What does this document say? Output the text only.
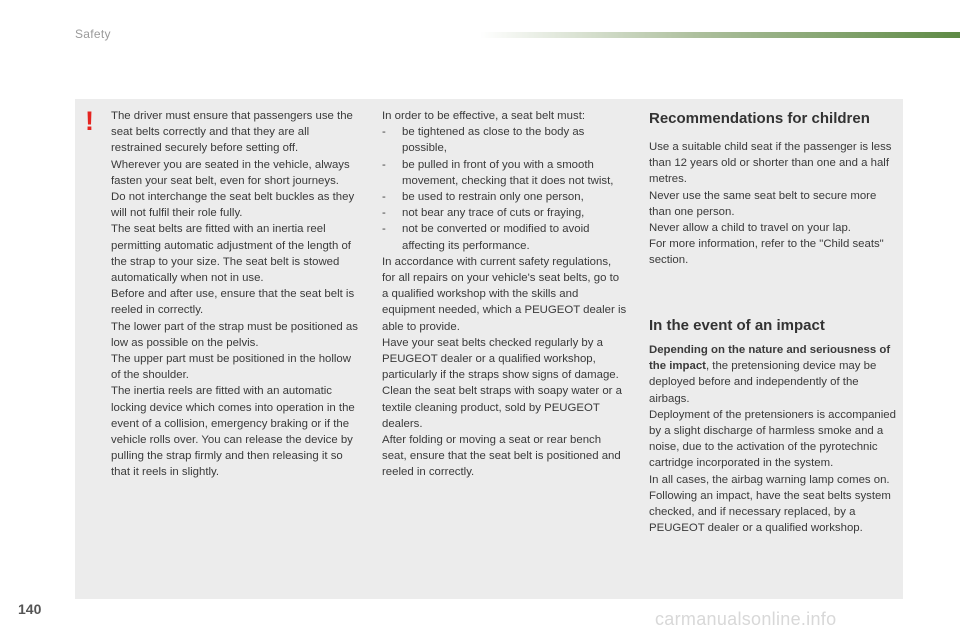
Safety
! The driver must ensure that passengers use the seat belts correctly and that they are all restrained securely before setting off.

Wherever you are seated in the vehicle, always fasten your seat belt, even for short journeys.

Do not interchange the seat belt buckles as they will not fulfil their role fully.

The seat belts are fitted with an inertia reel permitting automatic adjustment of the length of the strap to your size. The seat belt is stowed automatically when not in use.

Before and after use, ensure that the seat belt is reeled in correctly.

The lower part of the strap must be positioned as low as possible on the pelvis.

The upper part must be positioned in the hollow of the shoulder.

The inertia reels are fitted with an automatic locking device which comes into operation in the event of a collision, emergency braking or if the vehicle rolls over. You can release the device by pulling the strap firmly and then releasing it so that it reels in slightly.

In order to be effective, a seat belt must:

- be tightened as close to the body as possible,
- be pulled in front of you with a smooth movement, checking that it does not twist,
- be used to restrain only one person,
- not bear any trace of cuts or fraying,
- not be converted or modified to avoid affecting its performance.

In accordance with current safety regulations, for all repairs on your vehicle's seat belts, go to a qualified workshop with the skills and equipment needed, which a PEUGEOT dealer is able to provide.

Have your seat belts checked regularly by a PEUGEOT dealer or a qualified workshop, particularly if the straps show signs of damage.

Clean the seat belt straps with soapy water or a textile cleaning product, sold by PEUGEOT dealers.

After folding or moving a seat or rear bench seat, ensure that the seat belt is positioned and reeled in correctly.

Recommendations for children

Use a suitable child seat if the passenger is less than 12 years old or shorter than one and a half metres.

Never use the same seat belt to secure more than one person.

Never allow a child to travel on your lap.

For more information, refer to the "Child seats" section.

In the event of an impact

Depending on the nature and seriousness of the impact, the pretensioning device may be deployed before and independently of the airbags.

Deployment of the pretensioners is accompanied by a slight discharge of harmless smoke and a noise, due to the activation of the pyrotechnic cartridge incorporated in the system.

In all cases, the airbag warning lamp comes on.

Following an impact, have the seat belts system checked, and if necessary replaced, by a PEUGEOT dealer or a qualified workshop.

140	carmanualsonline.info
